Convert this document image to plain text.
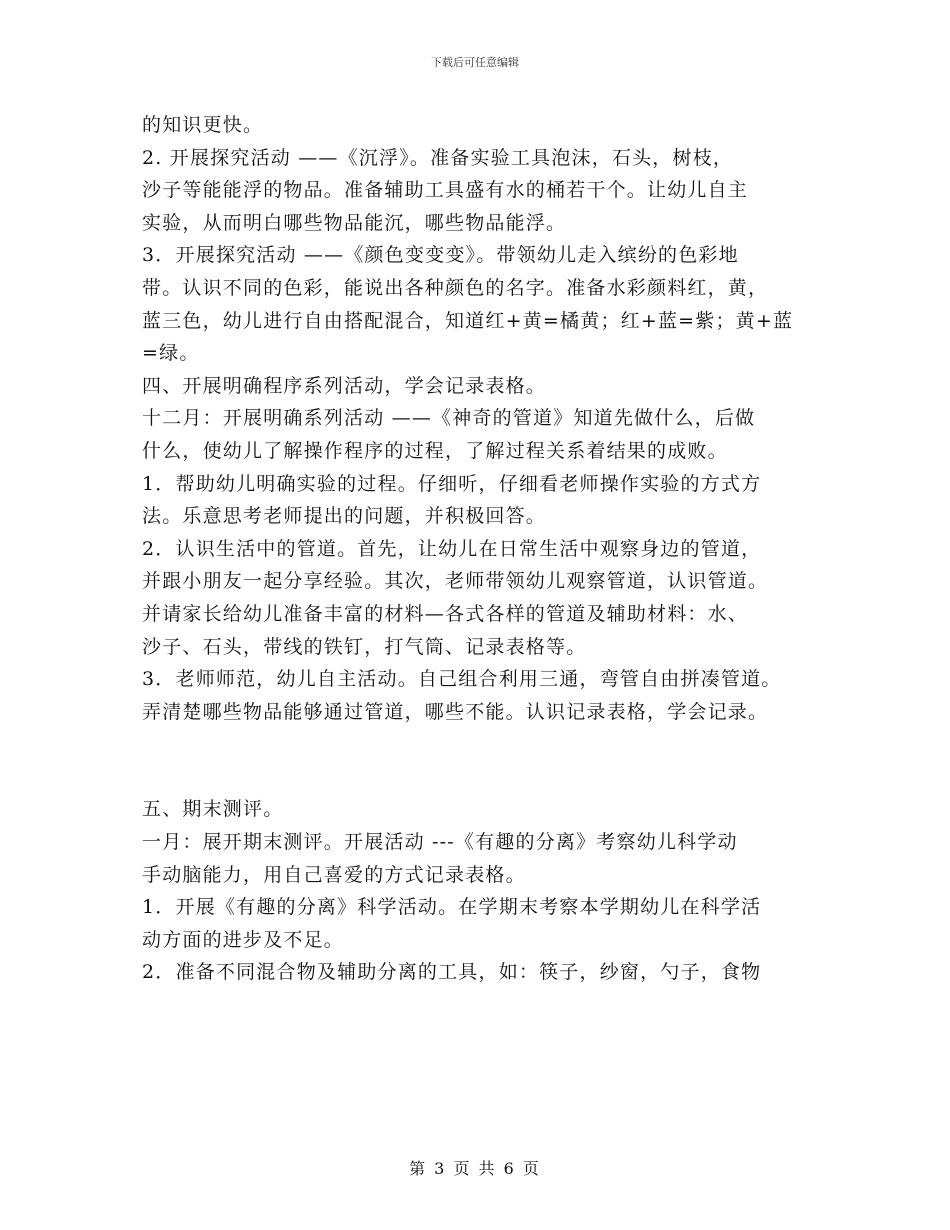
下载后可任意编辑
的知识更快。
2. 开展探究活动 ——《沉浮》。准备实验工具泡沫，石头，树枝，
沙子等能能浮的物品。准备辅助工具盛有水的桶若干个。让幼儿自主
实验，从而明白哪些物品能沉，哪些物品能浮。
3．开展探究活动 ——《颜色变变变》。带领幼儿走入缤纷的色彩地
带。认识不同的色彩，能说出各种颜色的名字。准备水彩颜料红，黄，
蓝三色，幼儿进行自由搭配混合，知道红+黄=橘黄；红+蓝=紫；黄+蓝
=绿。
四、开展明确程序系列活动，学会记录表格。
十二月：开展明确系列活动 ——《神奇的管道》知道先做什么，后做
什么，使幼儿了解操作程序的过程，了解过程关系着结果的成败。
1．帮助幼儿明确实验的过程。仔细听，仔细看老师操作实验的方式方
法。乐意思考老师提出的问题，并积极回答。
2．认识生活中的管道。首先，让幼儿在日常生活中观察身边的管道，
并跟小朋友一起分享经验。其次，老师带领幼儿观察管道，认识管道。
并请家长给幼儿准备丰富的材料—各式各样的管道及辅助材料：水、
沙子、石头，带线的铁钉，打气筒、记录表格等。
3．老师师范，幼儿自主活动。自己组合利用三通，弯管自由拼凑管道。
弄清楚哪些物品能够通过管道，哪些不能。认识记录表格，学会记录。
五、期末测评。
一月：展开期末测评。开展活动 ---《有趣的分离》考察幼儿科学动
手动脑能力，用自己喜爱的方式记录表格。
1．开展《有趣的分离》科学活动。在学期末考察本学期幼儿在科学活
动方面的进步及不足。
2．准备不同混合物及辅助分离的工具，如：筷子，纱窗，勺子，食物
第 3 页 共 6 页
